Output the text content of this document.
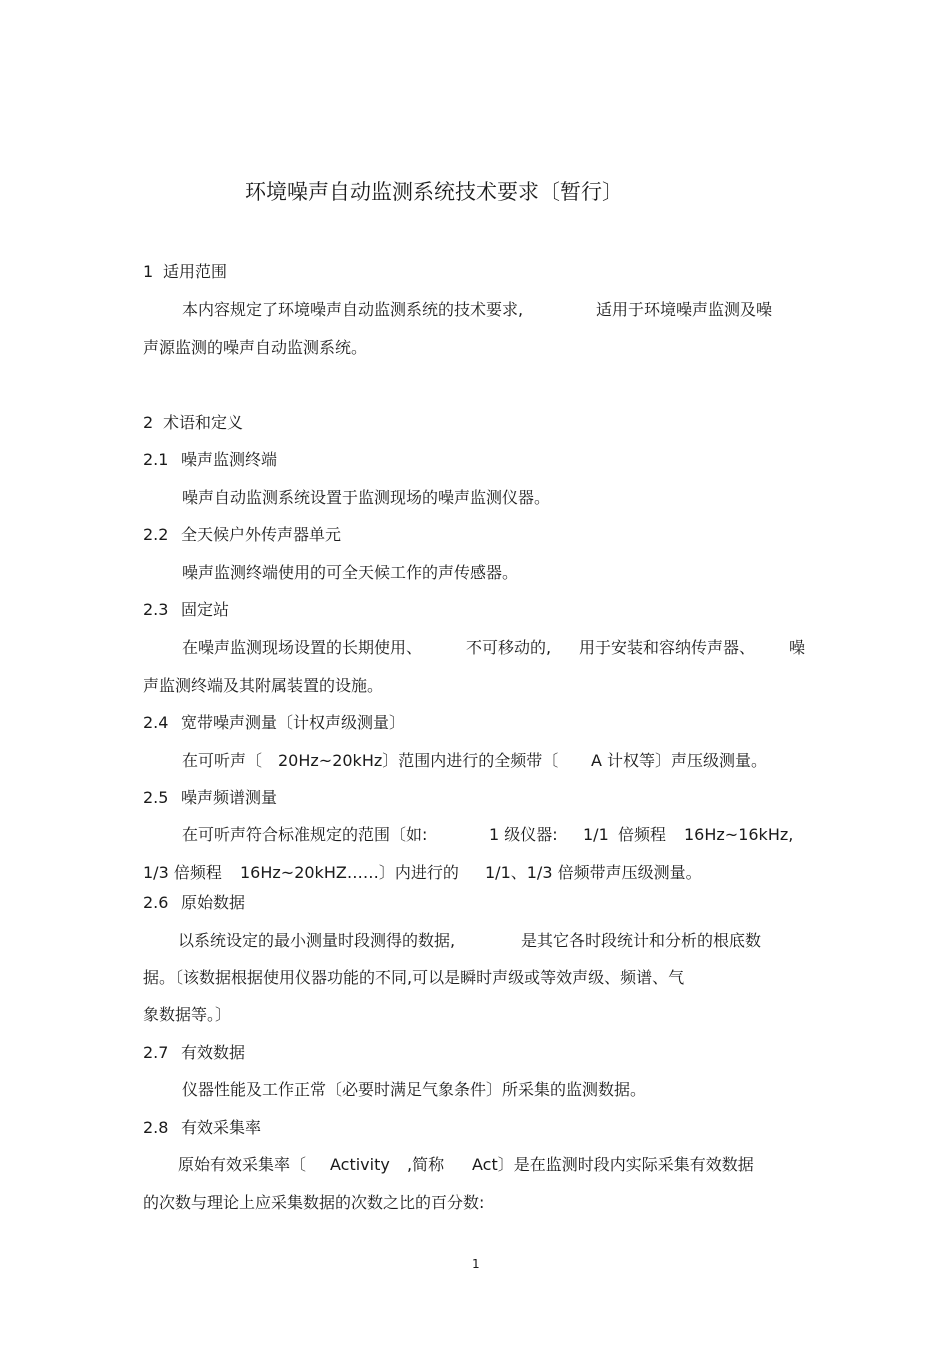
环境噪声自动监测系统技术要求〔暂行〕
1 适用范围
本内容规定了环境噪声自动监测系统的技术要求,	适用于环境噪声监测及噪
声源监测的噪声自动监测系统。
2 术语和定义
2.1 噪声监测终端
噪声自动监测系统设置于监测现场的噪声监测仪器。
2.2 全天候户外传声器单元
噪声监测终端使用的可全天候工作的声传感器。
2.3 固定站
在噪声监测现场设置的长期使用、	不可移动的, 用于安装和容纳传声器、 噪
声监测终端及其附属装置的设施。
2.4 宽带噪声测量〔计权声级测量〕
在可听声〔 20Hz~20kHz〕范围内进行的全频带〔 A 计权等〕声压级测量。
2.5 噪声频谱测量
在可听声符合标准规定的范围〔如:	1 级仪器: 1/1 倍频程 16Hz~16kHz,
1/3 倍频程 16Hz~20kHZ……〕内进行的 1/1、1/3 倍频带声压级测量。
2.6 原始数据
以系统设定的最小测量时段测得的数据,	是其它各时段统计和分析的根底数
据。〔该数据根据使用仪器功能的不同,可以是瞬时声级或等效声级、频谱、气
象数据等。〕
2.7 有效数据
仪器性能及工作正常〔必要时满足气象条件〕所采集的监测数据。
2.8 有效采集率
原始有效采集率〔 Activity ,简称 Act〕是在监测时段内实际采集有效数据
的次数与理论上应采集数据的次数之比的百分数:
1
